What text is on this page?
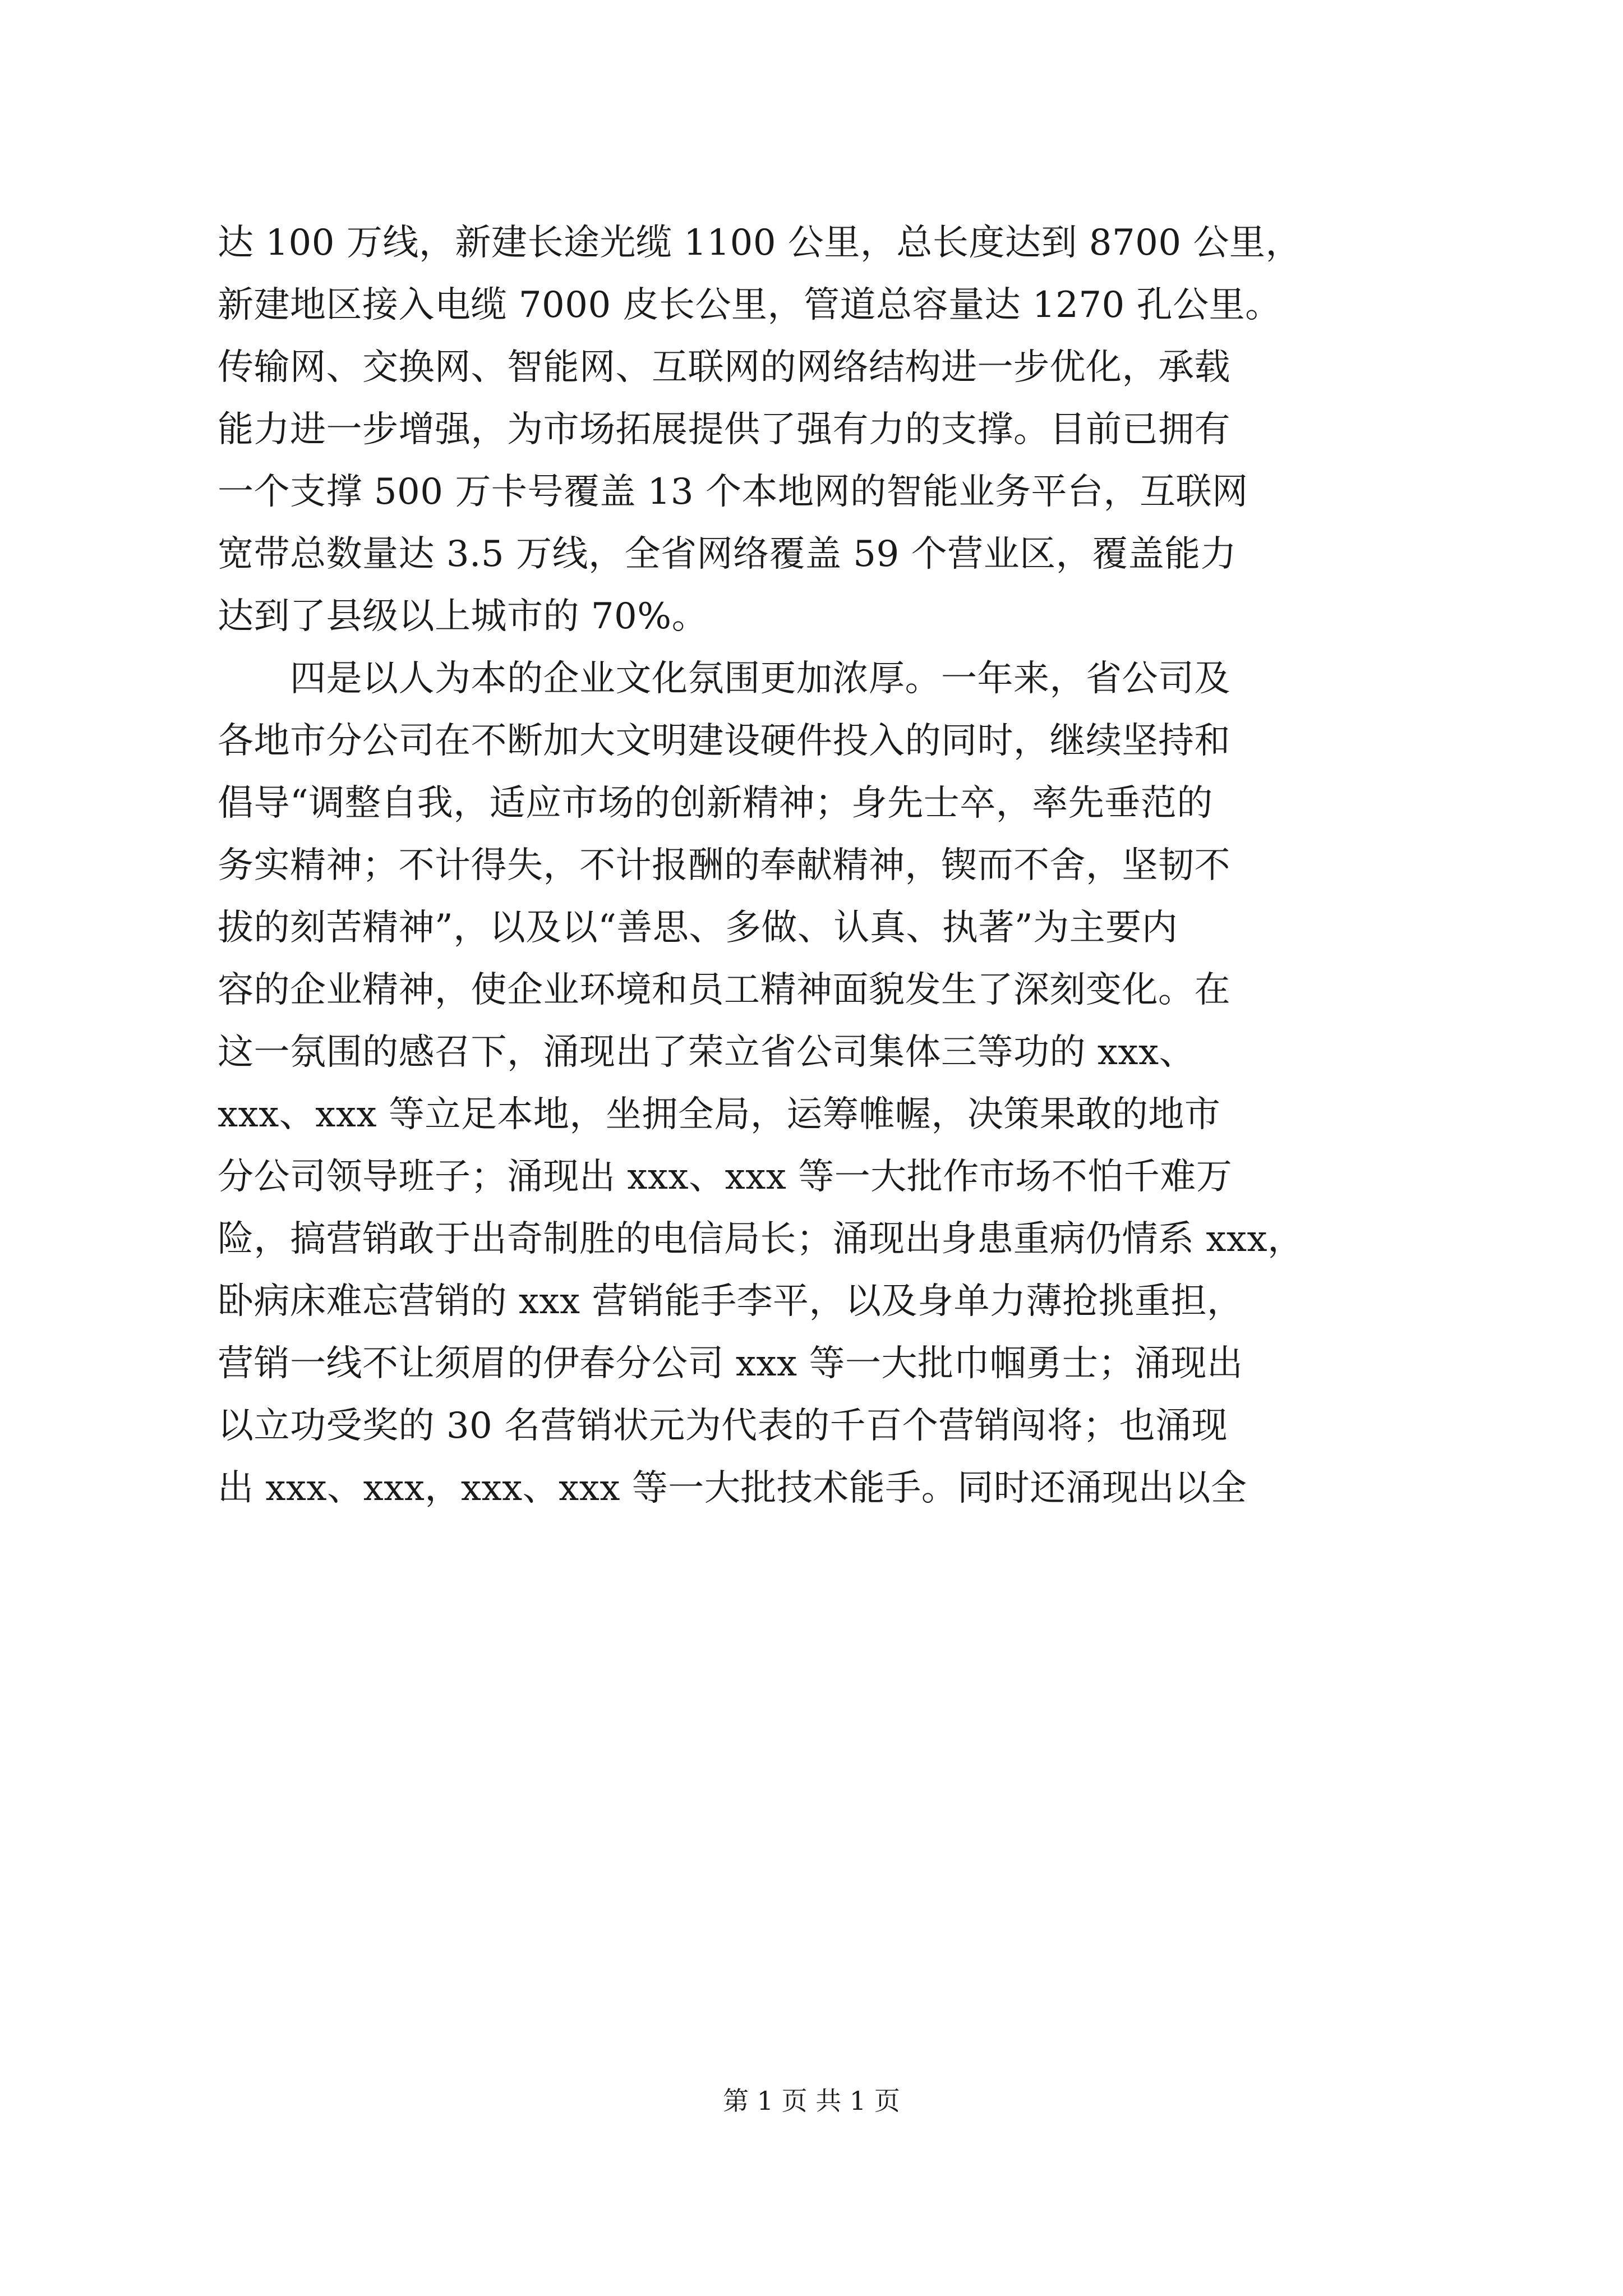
达 100 万线，新建长途光缆 1100 公里，总长度达到 8700 公里，
新建地区接入电缆 7000 皮长公里，管道总容量达 1270 孔公里。
传输网、交换网、智能网、互联网的网络结构进一步优化，承载
能力进一步增强，为市场拓展提供了强有力的支撑。目前已拥有
一个支撑 500 万卡号覆盖 13 个本地网的智能业务平台，互联网
宽带总数量达 3.5 万线，全省网络覆盖 59 个营业区，覆盖能力
达到了县级以上城市的 70%。
　　四是以人为本的企业文化氛围更加浓厚。一年来，省公司及
各地市分公司在不断加大文明建设硬件投入的同时，继续坚持和
倡导“调整自我，适应市场的创新精神；身先士卒，率先垂范的
务实精神；不计得失，不计报酬的奉献精神，锲而不舍，坚韧不
拔的刻苦精神”，以及以“善思、多做、认真、执著”为主要内
容的企业精神，使企业环境和员工精神面貌发生了深刻变化。在
这一氛围的感召下，涌现出了荣立省公司集体三等功的 xxx、
xxx、xxx 等立足本地，坐拥全局，运筹帷幄，决策果敢的地市
分公司领导班子；涌现出 xxx、xxx 等一大批作市场不怕千难万
险，搞营销敢于出奇制胜的电信局长；涌现出身患重病仍情系 xxx，
卧病床难忘营销的 xxx 营销能手李平，以及身单力薄抢挑重担，
营销一线不让须眉的伊春分公司 xxx 等一大批巾帼勇士；涌现出
以立功受奖的 30 名营销状元为代表的千百个营销闯将；也涌现
出 xxx、xxx，xxx、xxx 等一大批技术能手。同时还涌现出以全
第 1 页 共 1 页
